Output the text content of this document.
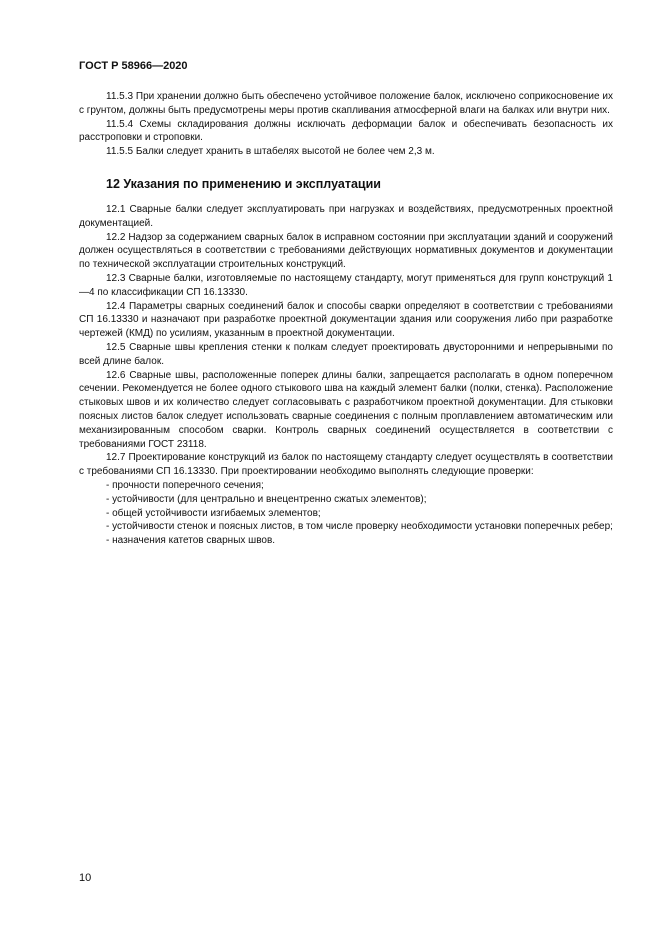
ГОСТ Р 58966—2020

11.5.3 При хранении должно быть обеспечено устойчивое положение балок, исключено соприкосновение их с грунтом, должны быть предусмотрены меры против скапливания атмосферной влаги на балках или внутри них.

11.5.4 Схемы складирования должны исключать деформации балок и обеспечивать безопасность их расстроповки и строповки.

11.5.5 Балки следует хранить в штабелях высотой не более чем 2,3 м.

12 Указания по применению и эксплуатации

12.1 Сварные балки следует эксплуатировать при нагрузках и воздействиях, предусмотренных проектной документацией.

12.2 Надзор за содержанием сварных балок в исправном состоянии при эксплуатации зданий и сооружений должен осуществляться в соответствии с требованиями действующих нормативных документов и документации по технической эксплуатации строительных конструкций.

12.3 Сварные балки, изготовляемые по настоящему стандарту, могут применяться для групп конструкций 1—4 по классификации СП 16.13330.

12.4 Параметры сварных соединений балок и способы сварки определяют в соответствии с требованиями СП 16.13330 и назначают при разработке проектной документации здания или сооружения либо при разработке чертежей (КМД) по усилиям, указанным в проектной документации.

12.5 Сварные швы крепления стенки к полкам следует проектировать двусторонними и непрерывными по всей длине балок.

12.6 Сварные швы, расположенные поперек длины балки, запрещается располагать в одном поперечном сечении. Рекомендуется не более одного стыкового шва на каждый элемент балки (полки, стенка). Расположение стыковых швов и их количество следует согласовывать с разработчиком проектной документации. Для стыковки поясных листов балок следует использовать сварные соединения с полным проплавлением автоматическим или механизированным способом сварки. Контроль сварных соединений осуществляется в соответствии с требованиями ГОСТ 23118.

12.7 Проектирование конструкций из балок по настоящему стандарту следует осуществлять в соответствии с требованиями СП 16.13330. При проектировании необходимо выполнять следующие проверки:

- прочности поперечного сечения;

- устойчивости (для центрально и внецентренно сжатых элементов);

- общей устойчивости изгибаемых элементов;

- устойчивости стенок и поясных листов, в том числе проверку необходимости установки поперечных ребер;

- назначения катетов сварных швов.

10
